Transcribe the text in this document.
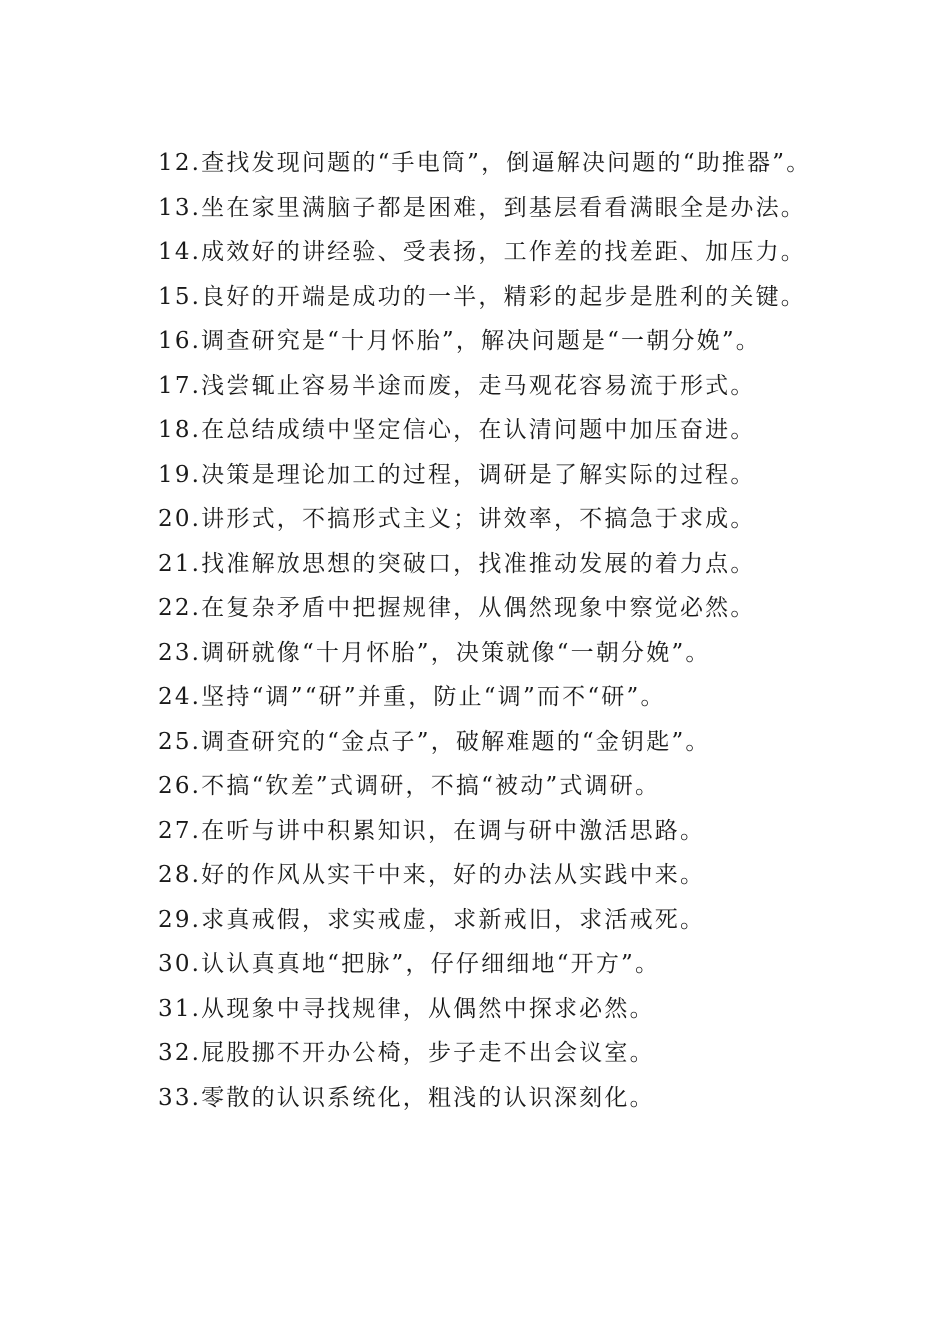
12.查找发现问题的“手电筒”，倒逼解决问题的“助推器”。

13.坐在家里满脑子都是困难，到基层看看满眼全是办法。

14.成效好的讲经验、受表扬，工作差的找差距、加压力。

15.良好的开端是成功的一半，精彩的起步是胜利的关键。

16.调查研究是“十月怀胎”，解决问题是“一朝分娩”。

17.浅尝辄止容易半途而废，走马观花容易流于形式。

18.在总结成绩中坚定信心，在认清问题中加压奋进。

19.决策是理论加工的过程，调研是了解实际的过程。

20.讲形式，不搞形式主义；讲效率，不搞急于求成。

21.找准解放思想的突破口，找准推动发展的着力点。

22.在复杂矛盾中把握规律，从偶然现象中察觉必然。

23.调研就像“十月怀胎”，决策就像“一朝分娩”。

24.坚持“调”“研”并重，防止“调”而不“研”。

25.调查研究的“金点子”，破解难题的“金钥匙”。

26.不搞“钦差”式调研，不搞“被动”式调研。

27.在听与讲中积累知识，在调与研中激活思路。

28.好的作风从实干中来，好的办法从实践中来。

29.求真戒假，求实戒虚，求新戒旧，求活戒死。

30.认认真真地“把脉”，仔仔细细地“开方”。

31.从现象中寻找规律，从偶然中探求必然。

32.屁股挪不开办公椅，步子走不出会议室。

33.零散的认识系统化，粗浅的认识深刻化。
